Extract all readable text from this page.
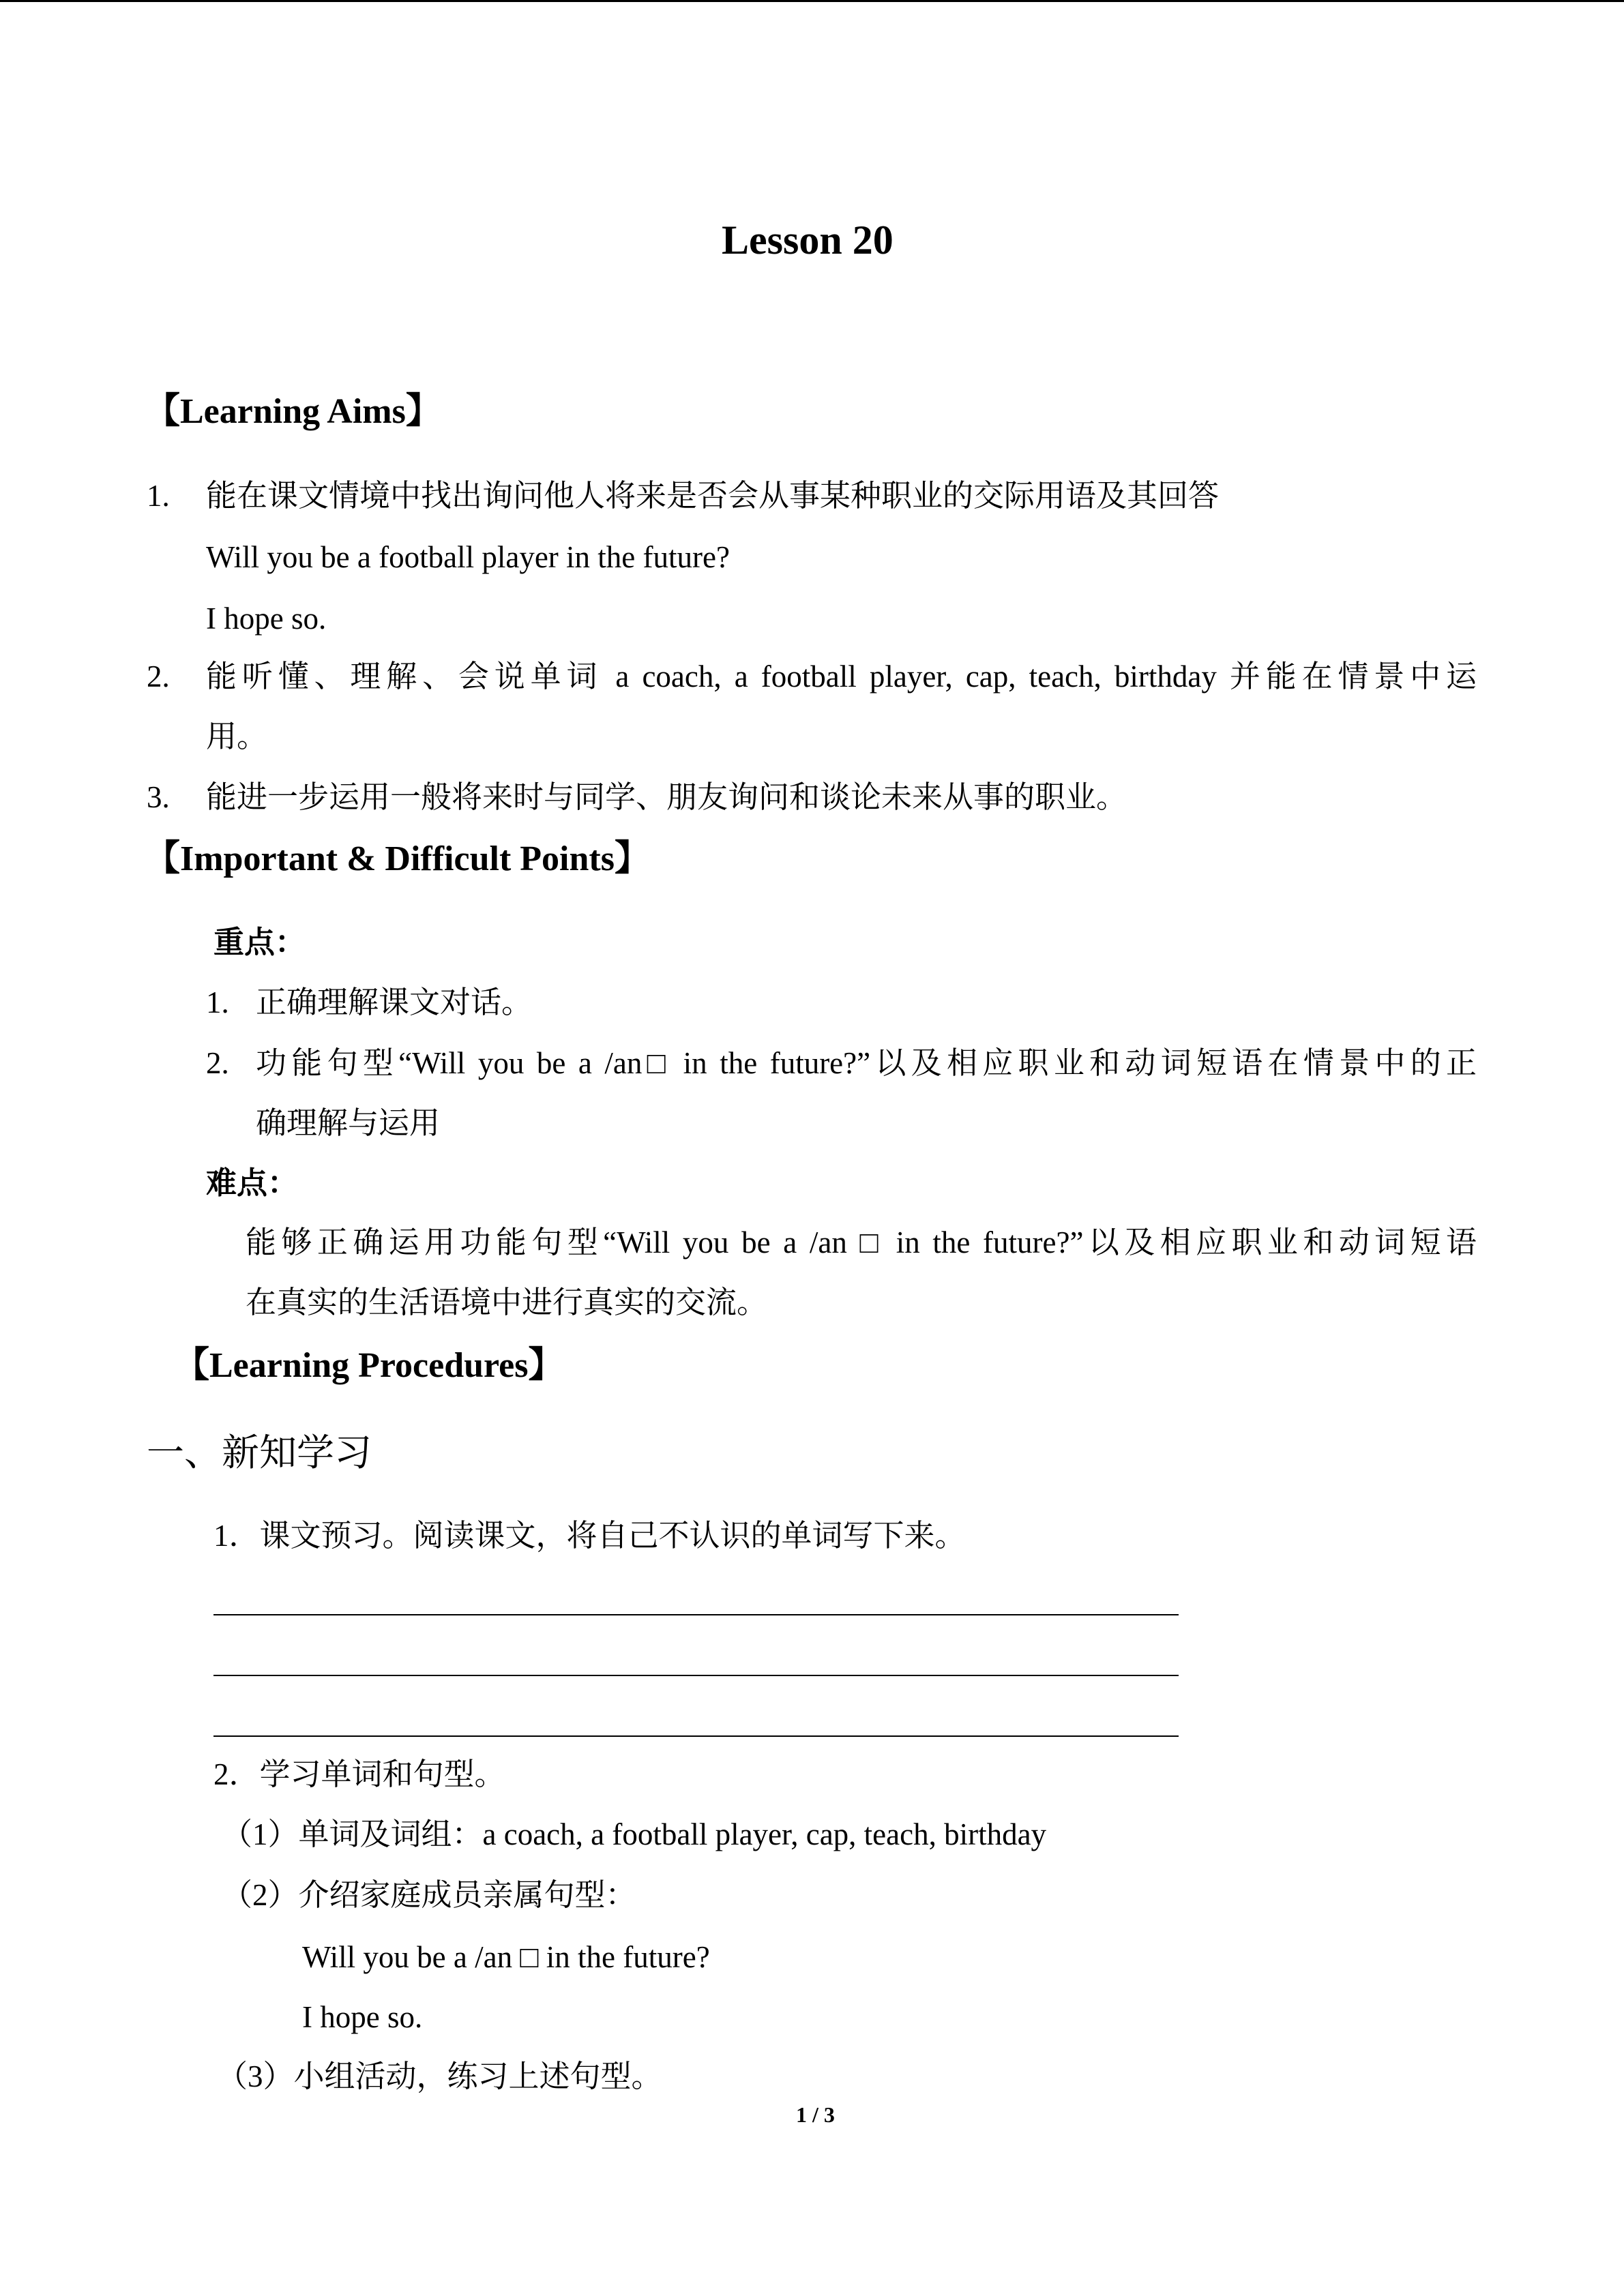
Lesson 20
【Learning Aims】
1. 能在课文情境中找出询问他人将来是否会从事某种职业的交际用语及其回答
Will you be a football player in the future?
I hope so.
2. 能听懂、理解、会说单词 a coach, a football player, cap, teach, birthday 并能在情景中运
用。
3. 能进一步运用一般将来时与同学、朋友询问和谈论未来从事的职业。
【Important & Difficult Points】
重点：
1. 正确理解课文对话。
2. 功能句型“Will you be a /an□ in the future?”以及相应职业和动词短语在情景中的正
确理解与运用
难点：
能够正确运用功能句型“Will you be a /an □ in the future?”以及相应职业和动词短语
在真实的生活语境中进行真实的交流。
【Learning Procedures】
一、新知学习
1．课文预习。阅读课文，将自己不认识的单词写下来。
2．学习单词和句型。
（1）单词及词组：a coach, a football player, cap, teach, birthday
（2）介绍家庭成员亲属句型：
Will you be a /an □ in the future?
I hope so.
（3）小组活动，练习上述句型。
1 / 3
